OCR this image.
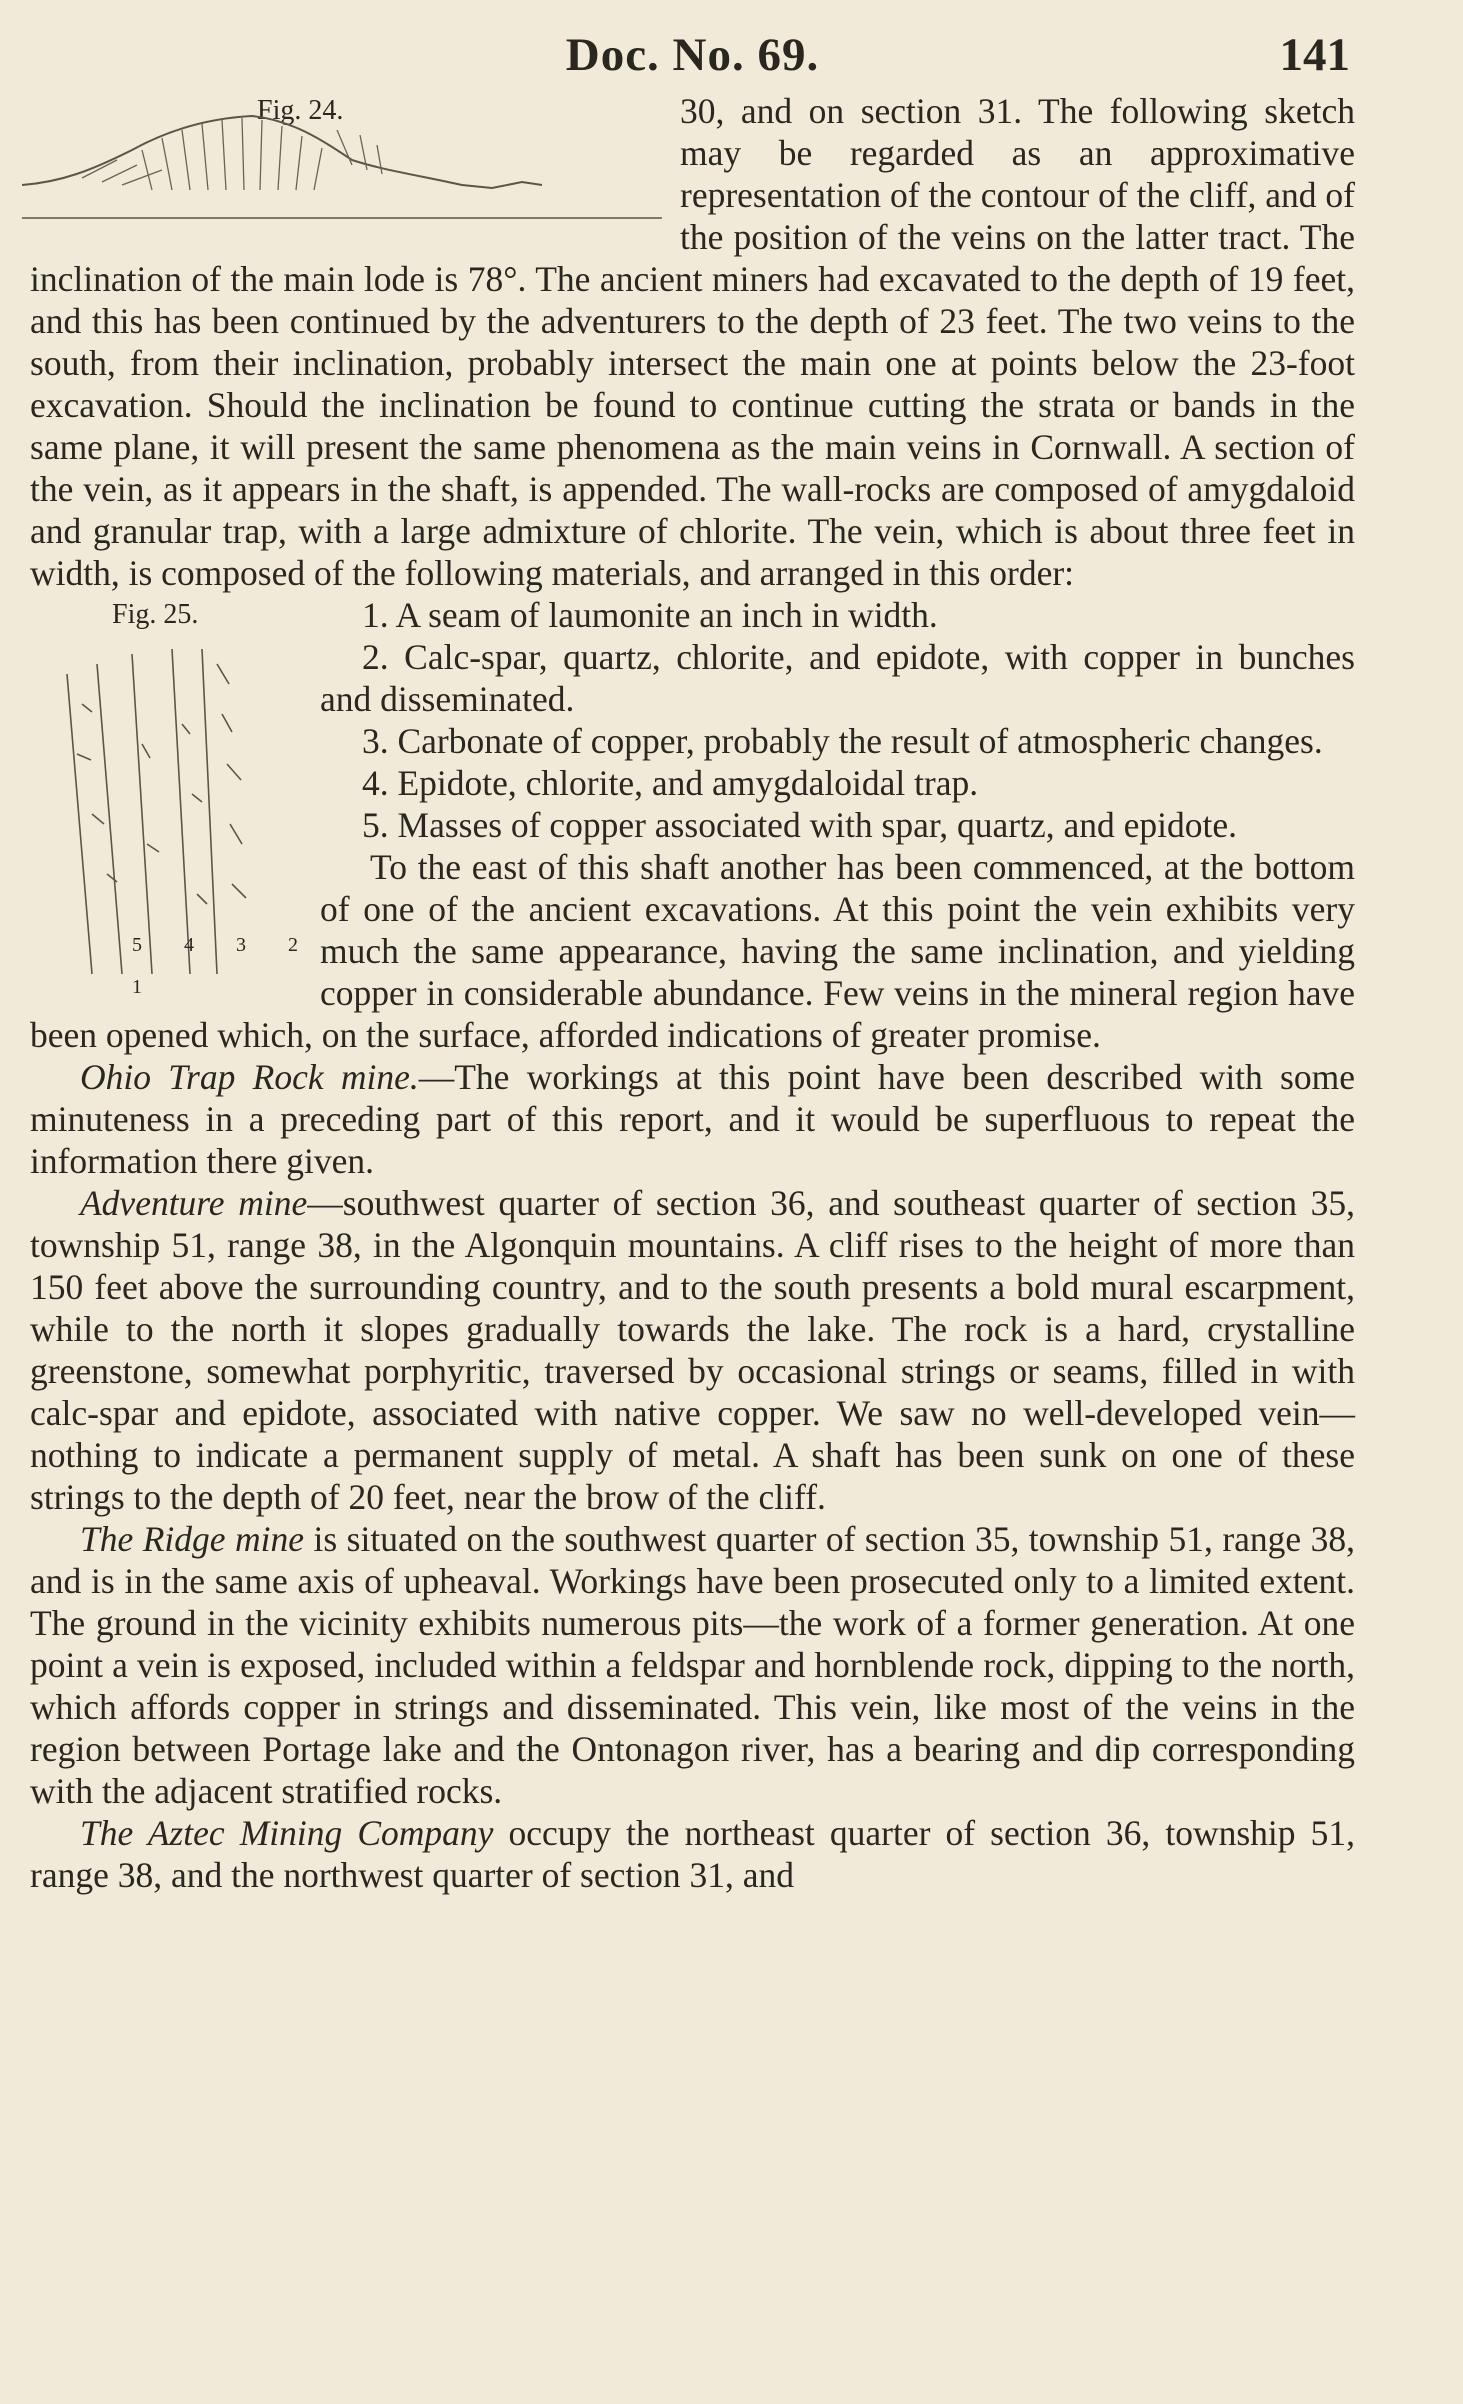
Doc. No. 69.	141
Fig. 24.	30, and on section 31. The following sketch may be regarded as an approximative representation of the contour of the cliff, and of the position of the veins on the latter tract. The inclination of the main lode is 78°. The ancient miners had excavated to the depth of 19 feet, and this has been continued by the adventurers to the depth of 23 feet. The two veins to the south, from their inclination, probably intersect the main one at points below the 23-foot excavation. Should the inclination be found to continue cutting the strata or bands in the same plane, it will present the same phenomena as the main veins in Cornwall. A section of the vein, as it appears in the shaft, is appended. The wall-rocks are composed of amygdaloid and granular trap, with a large admixture of chlorite. The vein, which is about three feet in width, is composed of the following materials, and arranged in this order:

Fig. 25.
5 4 3 2 1

1. A seam of laumonite an inch in width.

2. Calc-spar, quartz, chlorite, and epidote, with copper in bunches and disseminated.

3. Carbonate of copper, probably the result of atmospheric changes.

4. Epidote, chlorite, and amygdaloidal trap.

5. Masses of copper associated with spar, quartz, and epidote.

To the east of this shaft another has been commenced, at the bottom of one of the ancient excavations. At this point the vein exhibits very much the same appearance, having the same inclination, and yielding copper in considerable abundance. Few veins in the mineral region have been opened which, on the surface, afforded indications of greater promise.

Ohio Trap Rock mine.—The workings at this point have been described with some minuteness in a preceding part of this report, and it would be superfluous to repeat the information there given.

Adventure mine—southwest quarter of section 36, and southeast quarter of section 35, township 51, range 38, in the Algonquin mountains. A cliff rises to the height of more than 150 feet above the surrounding country, and to the south presents a bold mural escarpment, while to the north it slopes gradually towards the lake. The rock is a hard, crystalline greenstone, somewhat porphyritic, traversed by occasional strings or seams, filled in with calc-spar and epidote, associated with native copper. We saw no well-developed vein—nothing to indicate a permanent supply of metal. A shaft has been sunk on one of these strings to the depth of 20 feet, near the brow of the cliff.

The Ridge mine is situated on the southwest quarter of section 35, township 51, range 38, and is in the same axis of upheaval. Workings have been prosecuted only to a limited extent. The ground in the vicinity exhibits numerous pits—the work of a former generation. At one point a vein is exposed, included within a feldspar and hornblende rock, dipping to the north, which affords copper in strings and disseminated. This vein, like most of the veins in the region between Portage lake and the Ontonagon river, has a bearing and dip corresponding with the adjacent stratified rocks.

The Aztec Mining Company occupy the northeast quarter of section 36, township 51, range 38, and the northwest quarter of section 31, and
